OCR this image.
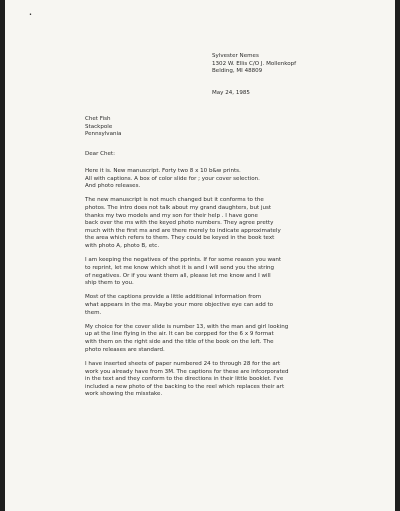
•
Sylvester Nemes
1302 W. Ellis C/O J. Mollenkopf
Belding, MI 48809
May 24, 1985
Chet Fish
Stackpole
Pennsylvania
Dear Chet:

Here it is. New manuscript. Forty two 8 x 10 b&w prints.
All with captions. A box of color slide for ; your cover selection.
And photo releases.

The new manuscript is not much changed but it conforms to the
photos. The intro does not talk about my grand daughters, but just
thanks my two models and my son for their help . I have gone
back over the ms with the keyed photo numbers. They agree pretty
much with the first ms and are there merely to indicate approximately
the area which refers to them. They could be keyed in the book text
with photo A, photo B, etc.

I am keeping the negatives of the pprints. If for some reason you want
to reprint, let me know which shot it is and I will send you the string
of negatives. Or if you want them all, please let me know and I will
ship them to you.

Most of the captions provide a little additional information from
what appears in the ms. Maybe your more objective eye can add to
them.

My choice for the cover slide is number 13, with the man and girl looking
up at the line flying in the air. It can be corpped for the 6 x 9 format
with them on the right side and the title of the book on the left. The
photo releases are standard.

I have inserted sheets of paper numbered 24 to through 28 for the art
work you already have from 3M. The captions for these are infcorporated
in the text and they conform to the directions in their little booklet. I've
included a new photo of the backing to the reel which replaces their art
work showing the misstake.
